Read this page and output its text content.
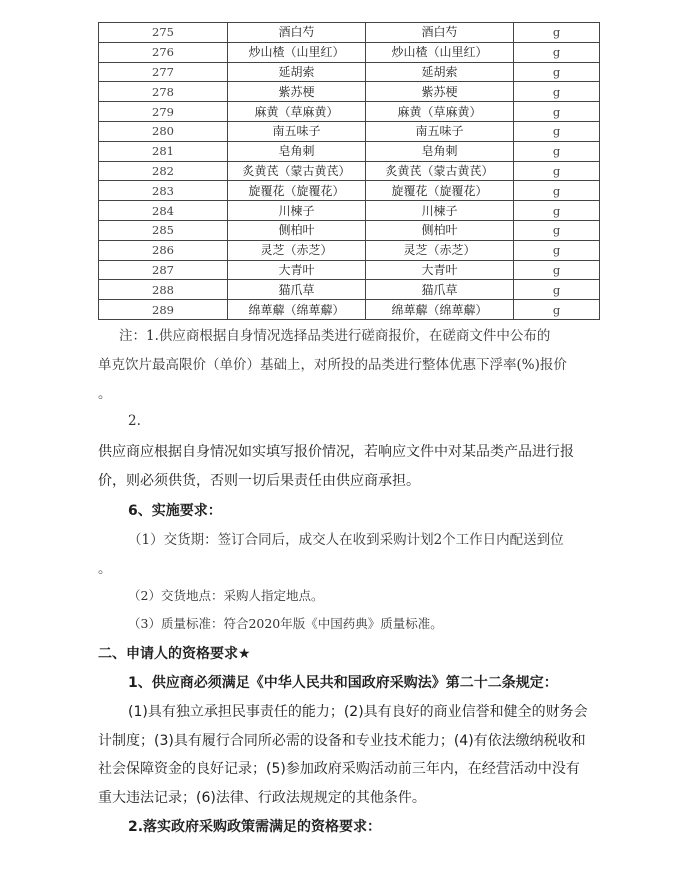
275	酒白芍	酒白芍	g
276	炒山楂（山里红）	炒山楂（山里红）	g
277	延胡索	延胡索	g
278	紫苏梗	紫苏梗	g
279	麻黄（草麻黄）	麻黄（草麻黄）	g
280	南五味子	南五味子	g
281	皂角刺	皂角刺	g
282	炙黄芪（蒙古黄芪）	炙黄芪（蒙古黄芪）	g
283	旋覆花（旋覆花）	旋覆花（旋覆花）	g
284	川楝子	川楝子	g
285	侧柏叶	侧柏叶	g
286	灵芝（赤芝）	灵芝（赤芝）	g
287	大青叶	大青叶	g
288	猫爪草	猫爪草	g
289	绵萆薢（绵萆薢）	绵萆薢（绵萆薢）	g

注：1.供应商根据自身情况选择品类进行磋商报价，在磋商文件中公布的

单克饮片最高限价（单价）基础上，对所投的品类进行整体优惠下浮率(%)报价

。

2.

供应商应根据自身情况如实填写报价情况，若响应文件中对某品类产品进行报

价，则必须供货，否则一切后果责任由供应商承担。

6、实施要求：

（1）交货期：签订合同后，成交人在收到采购计划2个工作日内配送到位

。

（2）交货地点：采购人指定地点。

（3）质量标准：符合2020年版《中国药典》质量标准。

二、申请人的资格要求★

1、供应商必须满足《中华人民共和国政府采购法》第二十二条规定：

(1)具有独立承担民事责任的能力；(2)具有良好的商业信誉和健全的财务会

计制度；(3)具有履行合同所必需的设备和专业技术能力；(4)有依法缴纳税收和

社会保障资金的良好记录；(5)参加政府采购活动前三年内，在经营活动中没有

重大违法记录；(6)法律、行政法规规定的其他条件。

2.落实政府采购政策需满足的资格要求：
